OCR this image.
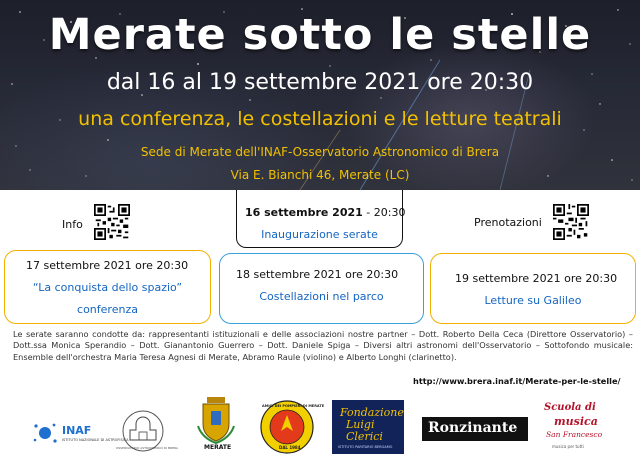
Merate sotto le stelle
dal 16 al 19 settembre 2021 ore 20:30
una conferenza, le costellazioni e le letture teatrali
Sede di Merate dell'INAF-Osservatorio Astronomico di Brera
Via E. Bianchi 46, Merate (LC)
Info	Prenotazioni
16 settembre 2021 - 20:30
Inaugurazione serate
17 settembre 2021 ore 20:30
“La conquista dello spazio”
conferenza
18 settembre 2021 ore 20:30
Costellazioni nel parco
19 settembre 2021 ore 20:30
Letture su Galileo
Le serate saranno condotte da: rappresentanti istituzionali e delle associazioni nostre partner – Dott. Roberto Della Ceca (Direttore Osservatorio) – Dott.ssa Monica Sperandio – Dott. Gianantonio Guerrero – Dott. Daniele Spiga – Diversi altri astronomi dell'Osservatorio – Sottofondo musicale: Ensemble dell'orchestra Maria Teresa Agnesi di Merate, Abramo Raule (violino) e Alberto Longhi (clarinetto).
http://www.brera.inaf.it/Merate-per-le-stelle/
INAF
ISTITUTO NAZIONALE DI ASTROFISICA
OSSERVATORIO ASTRONOMICO DI BRERA	MERATE
AMICI DEI POMPIERI DI MERATE
DAL 1984
Fondazione
Luigi
Clerici
ISTITUTO PARITARIO BERGAMO
Ronzinante
Scuola di
musica
San Francesco
musica per tutti
